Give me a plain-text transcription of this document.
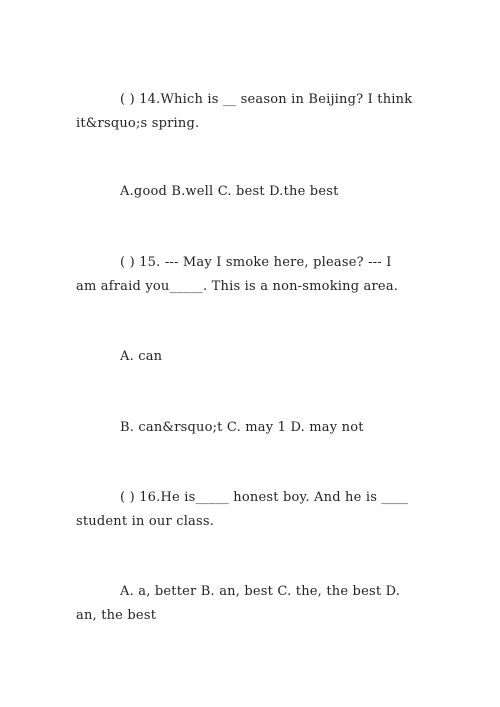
( ) 14.Which is __ season in Beijing? I think
it&rsquo;s spring.
A.good B.well C. best D.the best
( ) 15. --- May I smoke here, please? --- I
am afraid you_____. This is a non-smoking area.
A. can
B. can&rsquo;t C. may 1 D. may not
( ) 16.He is_____ honest boy. And he is ____
student in our class.
A. a, better B. an, best C. the, the best D.
an, the best
